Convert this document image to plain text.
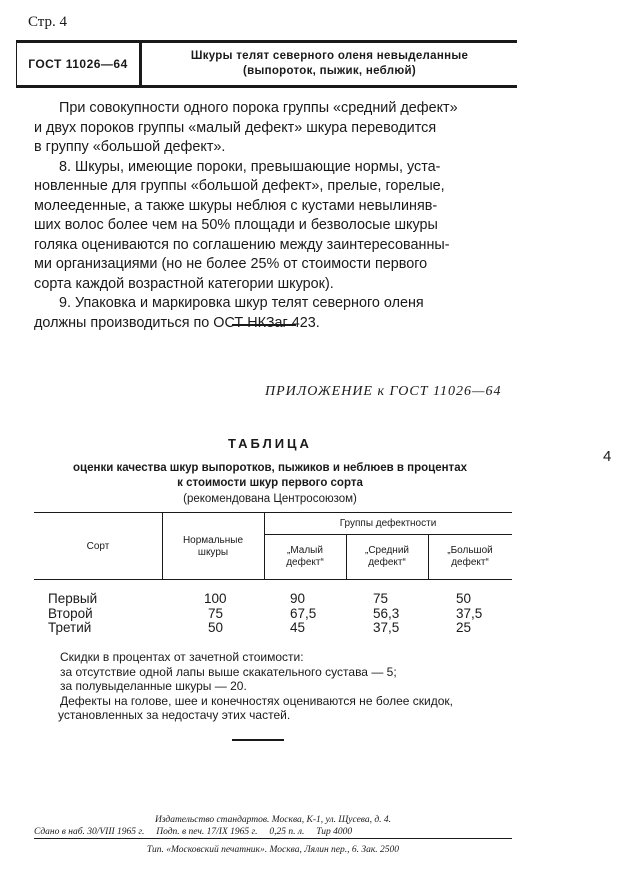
Стр. 4
ГОСТ 11026—64
Шкуры телят северного оленя невыделанные
(выпороток, пыжик, неблюй)
При совокупности одного порока группы «средний дефект»
и двух пороков группы «малый дефект» шкура переводится
в группу «большой дефект».
8. Шкуры, имеющие пороки, превышающие нормы, уста-
новленные для группы «большой дефект», прелые, горелые,
молееденные, а также шкуры неблюя с кустами невылиняв-
ших волос более чем на 50% площади и безволосые шкуры
голяка оцениваются по соглашению между заинтересованны-
ми организациями (но не более 25% от стоимости первого
сорта каждой возрастной категории шкурок).
9. Упаковка и маркировка шкур телят северного оленя
должны производиться по ОСТ НКЗаг 423.
ПРИЛОЖЕНИЕ к ГОСТ 11026—64
4
ТАБЛИЦА
оценки качества шкур выпоротков, пыжиков и неблюев в процентах
к стоимости шкур первого сорта
(рекомендована Центросоюзом)
Сорт
Нормальные
шкуры
Группы дефектности
„Малый
дефект“
„Средний
дефект“
„Большой
дефект“
Первый	100	90	75	50
Второй	75	67,5	56,3	37,5
Третий	50	45	37,5	25
Скидки в процентах от зачетной стоимости:
за отсутствие одной лапы выше скакательного сустава — 5;
за полувыделанные шкуры — 20.
Дефекты на голове, шее и конечностях оцениваются не более скидок,
установленных за недостачу этих частей.
Издательство стандартов. Москва, К-1, ул. Щусева, д. 4.
Сдано в наб. 30/VIII 1965 г.     Подп. в печ. 17/IX 1965 г.     0,25 п. л.     Тир 4000
Тип. «Московский печатник». Москва, Лялин пер., 6. Зак. 2500
